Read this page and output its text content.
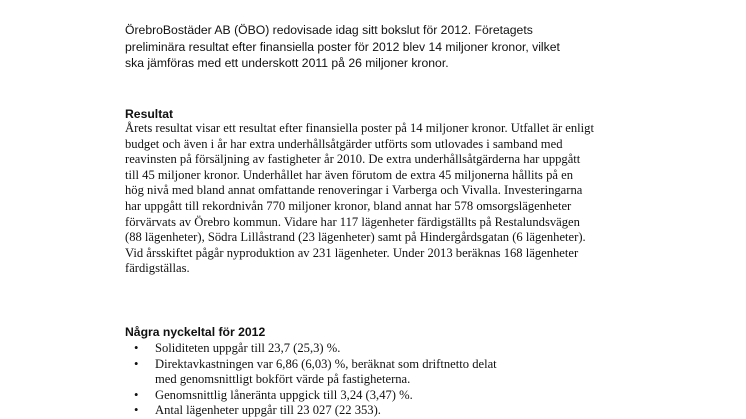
ÖrebroBostäder AB (ÖBO) redovisade idag sitt bokslut för 2012. Företagets
preliminära resultat efter finansiella poster för 2012 blev 14 miljoner kronor, vilket
ska jämföras med ett underskott 2011 på 26 miljoner kronor.

Resultat

Årets resultat visar ett resultat efter finansiella poster på 14 miljoner kronor. Utfallet är enligt
budget och även i år har extra underhållsåtgärder utförts som utlovades i samband med
reavinsten på försäljning av fastigheter år 2010. De extra underhållsåtgärderna har uppgått
till 45 miljoner kronor. Underhållet har även förutom de extra 45 miljonerna hållits på en
hög nivå med bland annat omfattande renoveringar i Varberga och Vivalla. Investeringarna
har uppgått till rekordnivån 770 miljoner kronor, bland annat har 578 omsorgslägenheter
förvärvats av Örebro kommun. Vidare har 117 lägenheter färdigställts på Restalundsvägen
(88 lägenheter), Södra Lillåstrand (23 lägenheter) samt på Hindergårdsgatan (6 lägenheter).
Vid årsskiftet pågår nyproduktion av 231 lägenheter. Under 2013 beräknas 168 lägenheter
färdigställas.

Några nyckeltal för 2012
• Soliditeten uppgår till 23,7 (25,3) %.
• Direktavkastningen var 6,86 (6,03) %, beräknat som driftnetto delat
med genomsnittligt bokfört värde på fastigheterna.
• Genomsnittlig låneränta uppgick till 3,24 (3,47) %.
• Antal lägenheter uppgår till 23 027 (22 353).
